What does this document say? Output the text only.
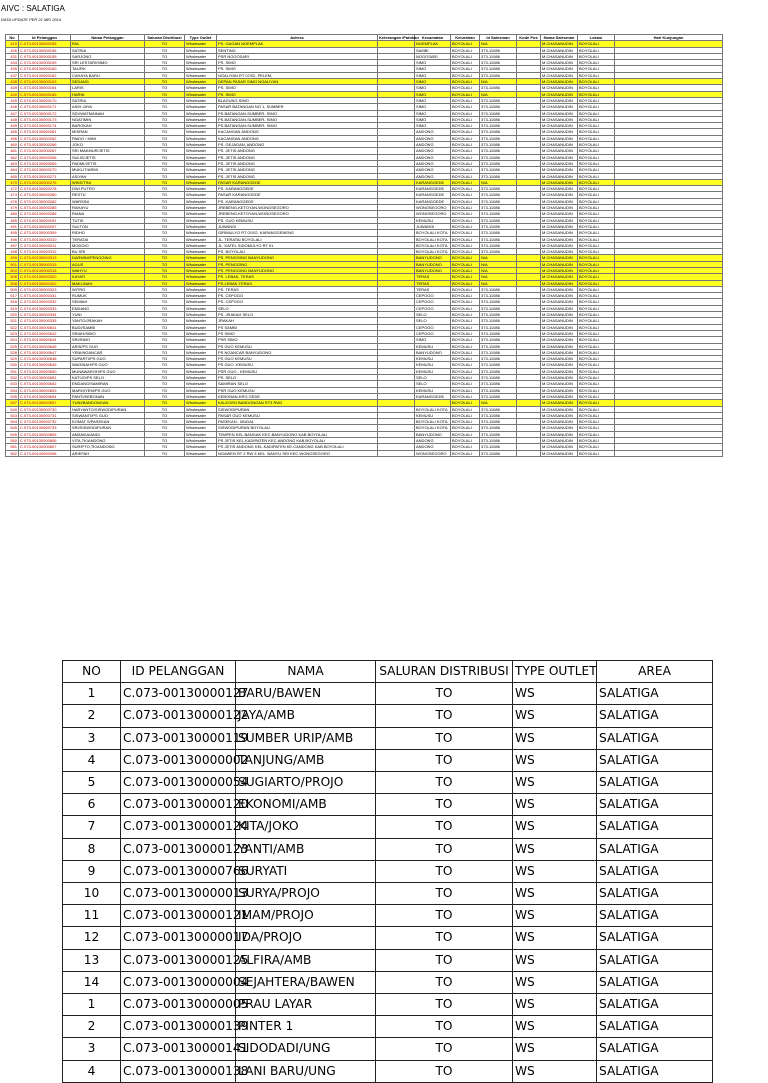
AIVC : SALATIGA
DATA UPDATE PER 21 MEI 2014
No	Id Pelanggan	Nama Pelanggan	Saluran Distribusi	Type Outlet	Adress	Keterangan /Patokan	Kecamatan	Kelurahan	Id Salesman	Kode Pos	Nama Salesman	Lokasi	Hari Kunjungan
419	C.073-00130000155	RIA	TO	Wholesaler	PS. GAGAN NGEMPLAK		NGEMPLAK	BOYOLALI	N/A		M.CHASANUDIN	BOYOLALI	
426	C.073-00130000156	SATRIA	TO	Wholesaler	SENTING		SAMBI	BOYOLALI	373-11086		M.CHASANUDIN	BOYOLALI	
431	C.073-00130000155	SARJONO	TO	Wholesaler	PSR NOGOSARI		NOGOSARI	BOYOLALI	373-11086		M.CHASANUDIN	BOYOLALI	
434	C.073-00130000159	SRI LESTARI/SIMO	TO	Wholesaler	PS. SIMO		SIMO	BOYOLALI	373-11086		M.CHASANUDIN	BOYOLALI	
435	C.073-00130000160	TAUFIK	TO	Wholesaler	PS. SIMO		SIMO	BOYOLALI	373-11086		M.CHASANUDIN	BOYOLALI	
437	C.073-00130000162	CAHAYA BARU	TO	Wholesaler	NGALIYAN RT 07/02, PELEM,		SIMO	BOYOLALI	373-11086		M.CHASANUDIN	BOYOLALI	
438	C.073-00130000163	SEDANG	TO	Wholesaler	DEPAN PASAR SIMO NGALIYAN		SIMO	BOYOLALI	N/A		M.CHASANUDIN	BOYOLALI	
439	C.073-00130000164	LARIS	TO	Wholesaler	PS. SIMO		SIMO	BOYOLALI	373-11086		M.CHASANUDIN	BOYOLALI	
440	C.073-00130000165	HARNI	TO	Wholesaler	PS. SIMO		SIMO	BOYOLALI	N/A		M.CHASANUDIN	BOYOLALI	
445	C.073-00130000170	SATRIA	TO	Wholesaler	BLAGUNG SIMO		SIMO	BOYOLALI	373-11086		M.CHASANUDIN	BOYOLALI	
446	C.073-00130000171	ASIH JAYA	TO	Wholesaler	PASAR BATANGAN NO 1, SUMBER		SIMO	BOYOLALI	373-11086		M.CHASANUDIN	BOYOLALI	
447	C.073-00130000172	SDVWATMAINAH	TO	Wholesaler	PS.BATANGAN-SUMBER- SIMO		SIMO	BOYOLALI	373-11086		M.CHASANUDIN	BOYOLALI	
448	C.073-00130000173	NGATIMIN	TO	Wholesaler	PS.BATANGAN-SUMBER- SIMO		SIMO	BOYOLALI	373-11086		M.CHASANUDIN	BOYOLALI	
449	C.073-00130000174	BAROKAH	TO	Wholesaler	PS.BATANGAN-SUMBER- SIMO		SIMO	BOYOLALI	373-11086		M.CHASANUDIN	BOYOLALI	
455	C.073-00130000261	MISRAN	TO	Wholesaler	KACANGAN ANDONG		ANDONG	BOYOLALI	373-11086		M.CHASANUDIN	BOYOLALI	
456	C.073-00130000262	PAIDO / MINI	TO	Wholesaler	KACANGAN ANDONG		ANDONG	BOYOLALI	373-11086		M.CHASANUDIN	BOYOLALI	
460	C.073-00130000266	JOKO	TO	Wholesaler	PS. GEJAGAN, ANDONG		ANDONG	BOYOLALI	373-11086		M.CHASANUDIN	BOYOLALI	
461	C.073-00130000267	SRI MAKMUR/JETIS	TO	Wholesaler	PS. JETIS ANDONG		ANDONG	BOYOLALI	373-11086		M.CHASANUDIN	BOYOLALI	
462	C.073-00130000268	SULIS/JETIS	TO	Wholesaler	PS. JETIS ANDONG		ANDONG	BOYOLALI	373-11086		M.CHASANUDIN	BOYOLALI	
463	C.073-00130000269	PADMI/JETIS	TO	Wholesaler	PS. JETIS ANDONG		ANDONG	BOYOLALI	373-11086		M.CHASANUDIN	BOYOLALI	
464	C.073-00130000270	MUKLIT/ARMI	TO	Wholesaler	PS. JETIS ANDONG		ANDONG	BOYOLALI	373-11086		M.CHASANUDIN	BOYOLALI	
465	C.073-00130000271	ASIYAH	TO	Wholesaler	PS. JETIS ANDONG		ANDONG	BOYOLALI	373-11086		M.CHASANUDIN	BOYOLALI	
470	C.073-00130000276	WIKE/TINI	TO	Wholesaler	PASAR KARANGGEDE		KARANGGEDE	BOYOLALI	N/A		M.CHASANUDIN	BOYOLALI	
472	C.073-00130000278	DWI PUTRO	TO	Wholesaler	PS. KARANGGEDE		KARANGGEDE	BOYOLALI	373-11086		M.CHASANUDIN	BOYOLALI	
474	C.073-00130000280	RESTU	TO	Wholesaler	PASAR KARANGGEDE		KARANGGEDE	BOYOLALI	373-11086		M.CHASANUDIN	BOYOLALI	
476	C.073-00130000282	WARSINI	TO	Wholesaler	PS. KARANGGEDE		KARANGGEDE	BOYOLALI	373-11086		M.CHASANUDIN	BOYOLALI	
479	C.073-00130000285	RAHAYU	TO	Wholesaler	JREBENG-KETOYAN-WONOSEGORO		WONOSEGORO	BOYOLALI	373-11086		M.CHASANUDIN	BOYOLALI	
480	C.073-00130000286	RIANA	TO	Wholesaler	JREBENG-KETOYAN-WONOSEGORO		WONOSEGORO	BOYOLALI	373-11086		M.CHASANUDIN	BOYOLALI	
485	C.073-00130000291	TUTIK	TO	Wholesaler	PS. GUO KEMUSU		KEMUSU	BOYOLALI	373-11086		M.CHASANUDIN	BOYOLALI	
491	C.073-00130000297	SULTON	TO	Wholesaler	JUWANGI		JUWANGI	BOYOLALI	373-11086		M.CHASANUDIN	BOYOLALI	
495	C.073-00130000309	RIDHO	TO	Wholesaler	GIRIMULYO RT 01/02, KARANGGENENG		BOYOLALI KOTA	BOYOLALI	373-11086		M.CHASANUDIN	BOYOLALI	
496	C.073-00130000310	TERATAI	TO	Wholesaler	JL. TERATAI BOYOLALI		BOYOLALI KOTA	BOYOLALI	373-11086		M.CHASANUDIN	BOYOLALI	
497	C.073-00130000311	MODOIO	TO	Wholesaler	JL. KATEL SIDOMULYO RT 01		BOYOLALI KOTA	BOYOLALI	373-11086		M.CHASANUDIN	BOYOLALI	
498	C.073-00130000312	BU SRI	TO	Wholesaler	PS. BOYOLALI		BOYOLALI KOTA	BOYOLALI	373-11086		M.CHASANUDIN	BOYOLALI	
499	C.073-00130000313	DARMINI/PENGGING	TO	Wholesaler	PS. PENGGING BANYUDONO		BANYUDONO	BOYOLALI	N/A		M.CHASANUDIN	BOYOLALI	
501	C.073-00130000315	AGUS	TO	Wholesaler	PS. PENGGING		BANYUDONO	BOYOLALI	N/A		M.CHASANUDIN	BOYOLALI	
504	C.073-00130000318	WAHYU	TO	Wholesaler	PS. PENGGING BANYUDONO		BANYUDONO	BOYOLALI	N/A		M.CHASANUDIN	BOYOLALI	
506	C.073-00130000320	KAYATI	TO	Wholesaler	PS. LEBAK, TERAS		TERAS	BOYOLALI	N/A		M.CHASANUDIN	BOYOLALI	
508	C.073-00130000322	MAKLINAH	TO	Wholesaler	PS.LEBAK-TERAS		TERAS	BOYOLALI	N/A		M.CHASANUDIN	BOYOLALI	
509	C.073-00130000323	WITRO	TO	Wholesaler	PS. TERAS		TERAS	BOYOLALI	373-11086		M.CHASANUDIN	BOYOLALI	
517	C.073-00130000331	RUMUK	TO	Wholesaler	PS. CEPOGO		CEPOGO	BOYOLALI	373-11086		M.CHASANUDIN	BOYOLALI	
518	C.073-00130000332	SEMIAH	TO	Wholesaler	PS. CEPOGO		CEPOGO	BOYOLALI	373-11086		M.CHASANUDIN	BOYOLALI	
519	C.073-00130000333	ENDANG	TO	Wholesaler	SELO		CEPOGO	BOYOLALI	373-11086		M.CHASANUDIN	BOYOLALI	
520	C.073-00130000334	YUNI	TO	Wholesaler	PS. JRAKAH SELO		SELO	BOYOLALI	373-11086		M.CHASANUDIN	BOYOLALI	
521	C.073-00130000335	YANTO/JRAKAH	TO	Wholesaler	JRAKAH		SELO	BOYOLALI	373-11086		M.CHASANUDIN	BOYOLALI	
522	C.073-00130000641	BUDI/SAMBI	TO	Wholesaler	PS SAMBI		CEPOGO	BOYOLALI	373-11086		M.CHASANUDIN	BOYOLALI	
523	C.073-00130000642	SRIAH/SIMO	TO	Wholesaler	PS SIMO		CEPOGO	BOYOLALI	373-11086		M.CHASANUDIN	BOYOLALI	
524	C.073-00130000644	SRI/SIMO	TO	Wholesaler	PSR SIMO		SIMO	BOYOLALI	373-11086		M.CHASANUDIN	BOYOLALI	
525	C.073-00130000646	ARIS/PS GUO	TO	Wholesaler	PS GUO KEMUSU		KEMUSU	BOYOLALI	373-11086		M.CHASANUDIN	BOYOLALI	
528	C.073-00130000647	YENI/NGANCAR	TO	Wholesaler	PS NGANCAR BANYUDONO		BANYUDONO	BOYOLALI	373-11086		M.CHASANUDIN	BOYOLALI	
529	C.073-00130000648	SUPARTI/PS GUO	TO	Wholesaler	PS GUO KEMUSU		KEMUSU	BOYOLALI	373-11086		M.CHASANUDIN	BOYOLALI	
530	C.073-00130000649	WAGINAH/PS GUO	TO	Wholesaler	PS GUO -KEMUSU		KEMUSU	BOYOLALI	373-11086		M.CHASANUDIN	BOYOLALI	
531	C.073-00130000650	MUNAWAROH/PS GUO	TO	Wholesaler	PSR GUO - KEMUSU		KEMUSU	BOYOLALI	373-11086		M.CHASANUDIN	BOYOLALI	
532	C.073-00130000651	KATIJO/PS SELO	TO	Wholesaler	PS. SELO		SELO	BOYOLALI	373-11086		M.CHASANUDIN	BOYOLALI	
533	C.073-00130000652	ENDANG/SAMIRAN	TO	Wholesaler	SAMIRAN SELO		SELO	BOYOLALI	373-11086		M.CHASANUDIN	BOYOLALI	
534	C.073-00130000653	MARGIYEM/PS GUO	TO	Wholesaler	PSR GUO KEMUSU		KEMUSU	BOYOLALI	373-11086		M.CHASANUDIN	BOYOLALI	
535	C.073-00130000654	PANTI/KEBONAN	TO	Wholesaler	KEBONAN-KRG GEDE		KARANGGEDE	BOYOLALI	373-11086		M.CHASANUDIN	BOYOLALI	
537	C.073-00130000657	YUNI/BANDONGAN	TO	Wholesaler	KALEGEN BANDONGAN RT3 RW2			BOYOLALI	N/A		M.CHASANUDIN	BOYOLALI	
540	C.073-00130000730	HARYANTO/SISWODIPURAN	TO	Wholesaler	SISWODIPURAN		BOYOLALI KOTA	BOYOLALI	373-11086		M.CHASANUDIN	BOYOLALI	
543	C.073-00130000731	SISWANTI/PS GUO	TO	Wholesaler	PASAR GUO KEMUSU		KEMUSU	BOYOLALI	373-11086		M.CHASANUDIN	BOYOLALI	
544	C.073-00130000732	KOMAT S/PASEKAN	TO	Wholesaler	PASEKAN - MUDAL		BOYOLALI KOTA	BOYOLALI	373-11086		M.CHASANUDIN	BOYOLALI	
545	C.073-00130000733	SRI/SISWODIPURAN	TO	Wholesaler	SISWODIPURAN BOYOLALI		BOYOLALI KOTA	BOYOLALI	373-11086		M.CHASANUDIN	BOYOLALI	
549	C.073-00130000805	AMANDA/ANDI	TO	Wholesaler	TEMPEN KEL.BANGAK KEC.BANYUDONO KAB.BOYOLALI		BANYUDONO	BOYOLALI	373-11086		M.CHASANUDIN	BOYOLALI	
550	C.073-00130000806	VITA,TK/ANDONG	TO	Wholesaler	PS JETIS KEL.KADIPATEN KEC.ANDONG KAB.BOYOLALI		ANDONG	BOYOLALI	373-11086		M.CHASANUDIN	BOYOLALI	
551	C.073-00130000807	SURIPTO,TK/ANDONG	TO	Wholesaler	PS JETIS ANDONG KEL.KADIPATEN KE.CANDONG KAB.BOYOLALI		ANDONG	BOYOLALI	373-11086		M.CHASANUDIN	BOYOLALI	
552	C.073-00140000008	ARIEFAH	TO	Wholesaler	NGAWEN RT 2 RW 3 KEL. BANYU SRI KEC WONOSEGORO		WONOSEGORO	BOYOLALI	373-11086		M.CHASANUDIN	BOYOLALI	
NO	ID PELANGGAN	NAMA	SALURAN DISTRIBUSI	TYPE OUTLET	AREA
1	C.073-00130000127	BARU/BAWEN	TO	WS	SALATIGA
2	C.073-00130000122	JAYA/AMB	TO	WS	SALATIGA
3	C.073-00130000119	SUMBER URIP/AMB	TO	WS	SALATIGA
4	C.073-00130000002	TANJUNG/AMB	TO	WS	SALATIGA
5	C.073-00130000054	SUGIARTO/PROJO	TO	WS	SALATIGA
6	C.073-00130000120	EKONOMI/AMB	TO	WS	SALATIGA
7	C.073-00130000124	KITA/JOKO	TO	WS	SALATIGA
8	C.073-00130000123	YANTI/AMB	TO	WS	SALATIGA
9	C.073-00130000766	SURYATI	TO	WS	SALATIGA
10	C.073-00130000013	SURYA/PROJO	TO	WS	SALATIGA
11	C.073-00130000121	IMAM/PROJO	TO	WS	SALATIGA
12	C.073-00130000017	IDA/PROJO	TO	WS	SALATIGA
13	C.073-00130000125	ALFIRA/AMB	TO	WS	SALATIGA
14	C.073-00130000004	SEJAHTERA/BAWEN	TO	WS	SALATIGA
1	C.073-00130000005	PRAU LAYAR	TO	WS	SALATIGA
2	C.073-00130000139	PINTER 1	TO	WS	SALATIGA
3	C.073-00130000141	SIDODADI/UNG	TO	WS	SALATIGA
4	C.073-00130000138	LANI BARU/UNG	TO	WS	SALATIGA
